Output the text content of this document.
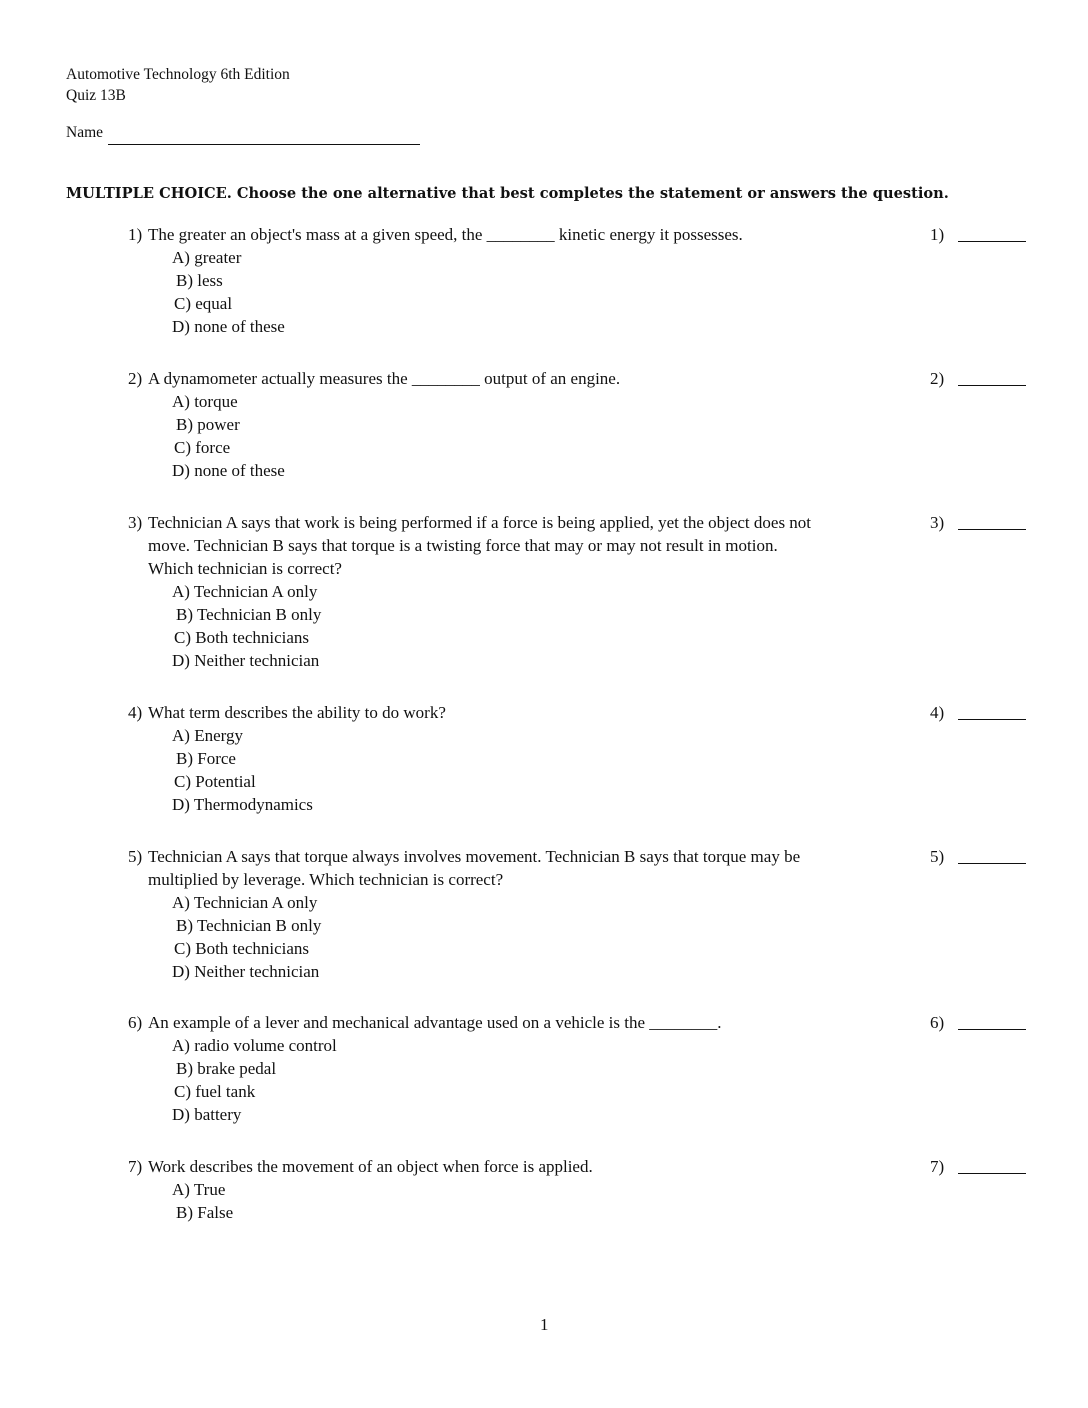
Automotive Technology 6th Edition
Quiz 13B
Name
MULTIPLE CHOICE. Choose the one alternative that best completes the statement or answers the question.
1) The greater an object's mass at a given speed, the ________ kinetic energy it possesses.
A) greater
B) less
C) equal
D) none of these
1)
2) A dynamometer actually measures the ________ output of an engine.
A) torque
B) power
C) force
D) none of these
2)
3) Technician A says that work is being performed if a force is being applied, yet the object does not
move. Technician B says that torque is a twisting force that may or may not result in motion.
Which technician is correct?
A) Technician A only
B) Technician B only
C) Both technicians
D) Neither technician
3)
4) What term describes the ability to do work?
A) Energy
B) Force
C) Potential
D) Thermodynamics
4)
5) Technician A says that torque always involves movement. Technician B says that torque may be
multiplied by leverage. Which technician is correct?
A) Technician A only
B) Technician B only
C) Both technicians
D) Neither technician
5)
6) An example of a lever and mechanical advantage used on a vehicle is the ________.
A) radio volume control
B) brake pedal
C) fuel tank
D) battery
6)
7) Work describes the movement of an object when force is applied.
A) True
B) False
7)
1
